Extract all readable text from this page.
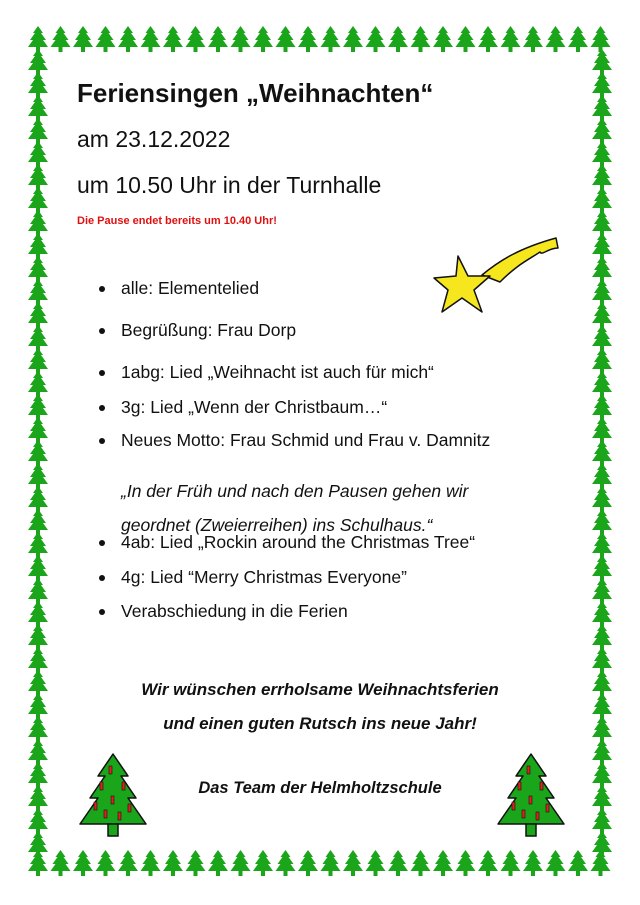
Feriensingen „Weihnachten“

am 23.12.2022

um 10.50 Uhr in der Turnhalle

Die Pause endet bereits um 10.40 Uhr!

alle: Elementelied
Begrüßung: Frau Dorp
1abg: Lied „Weihnacht ist auch für mich“
3g: Lied „Wenn der Christbaum…“
Neues Motto: Frau Schmid und Frau v. Damnitz
4ab: Lied „Rockin around the Christmas Tree“
4g: Lied “Merry Christmas Everyone”
Verabschiedung in die Ferien

„In der Früh und nach den Pausen gehen wir

geordnet (Zweierreihen) ins Schulhaus.“

Wir wünschen errholsame Weihnachtsferien

und einen guten Rutsch ins neue Jahr!

Das Team der Helmholtzschule
